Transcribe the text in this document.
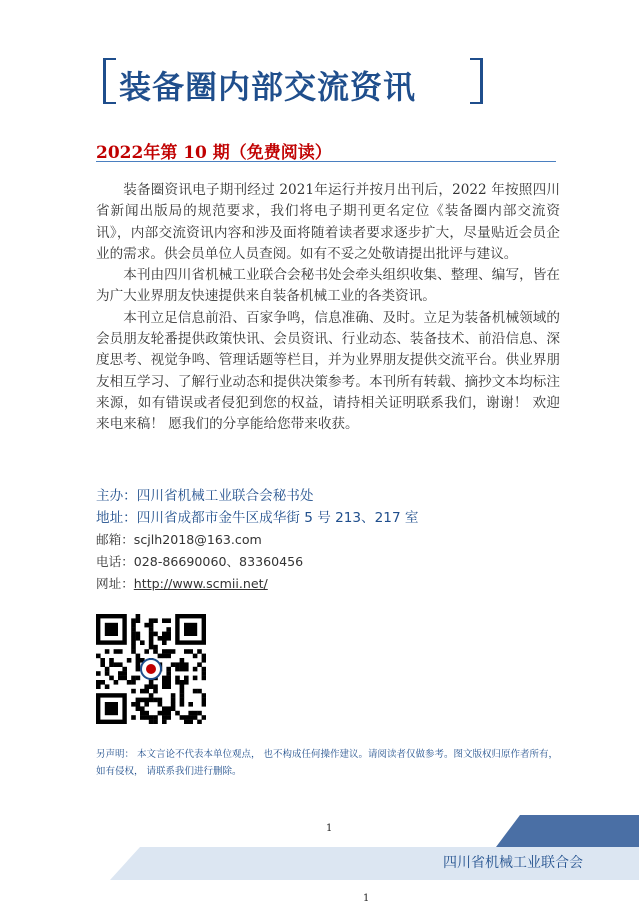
装备圈内部交流资讯
2022年第 10 期（免费阅读）

装备圈资讯电子期刊经过 2021年运行并按月出刊后，2022 年按照四川省新闻出版局的规范要求，我们将电子期刊更名定位《装备圈内部交流资讯》，内部交流资讯内容和涉及面将随着读者要求逐步扩大，尽量贴近会员企业的需求。供会员单位人员查阅。如有不妥之处敬请提出批评与建议。

本刊由四川省机械工业联合会秘书处会牵头组织收集、整理、编写，皆在为广大业界朋友快速提供来自装备机械工业的各类资讯。

本刊立足信息前沿、百家争鸣，信息准确、及时。立足为装备机械领域的会员朋友轮番提供政策快讯、会员资讯、行业动态、装备技术、前沿信息、深度思考、视觉争鸣、管理话题等栏目，并为业界朋友提供交流平台。供业界朋友相互学习、了解行业动态和提供决策参考。本刊所有转载、摘抄文本均标注来源，如有错误或者侵犯到您的权益，请持相关证明联系我们，谢谢！ 欢迎来电来稿！ 愿我们的分享能给您带来收获。

主办：四川省机械工业联合会秘书处
地址：四川省成都市金牛区成华街 5 号 213、217 室
邮箱：scjlh2018@163.com
电话：028-86690060、83360456
网址：http://www.scmii.net/
另声明： 本文言论不代表本单位观点， 也不构成任何操作建议。请阅读者仅做参考。图文版权归原作者所有， 如有侵权， 请联系我们进行删除。
1
四川省机械工业联合会
1
